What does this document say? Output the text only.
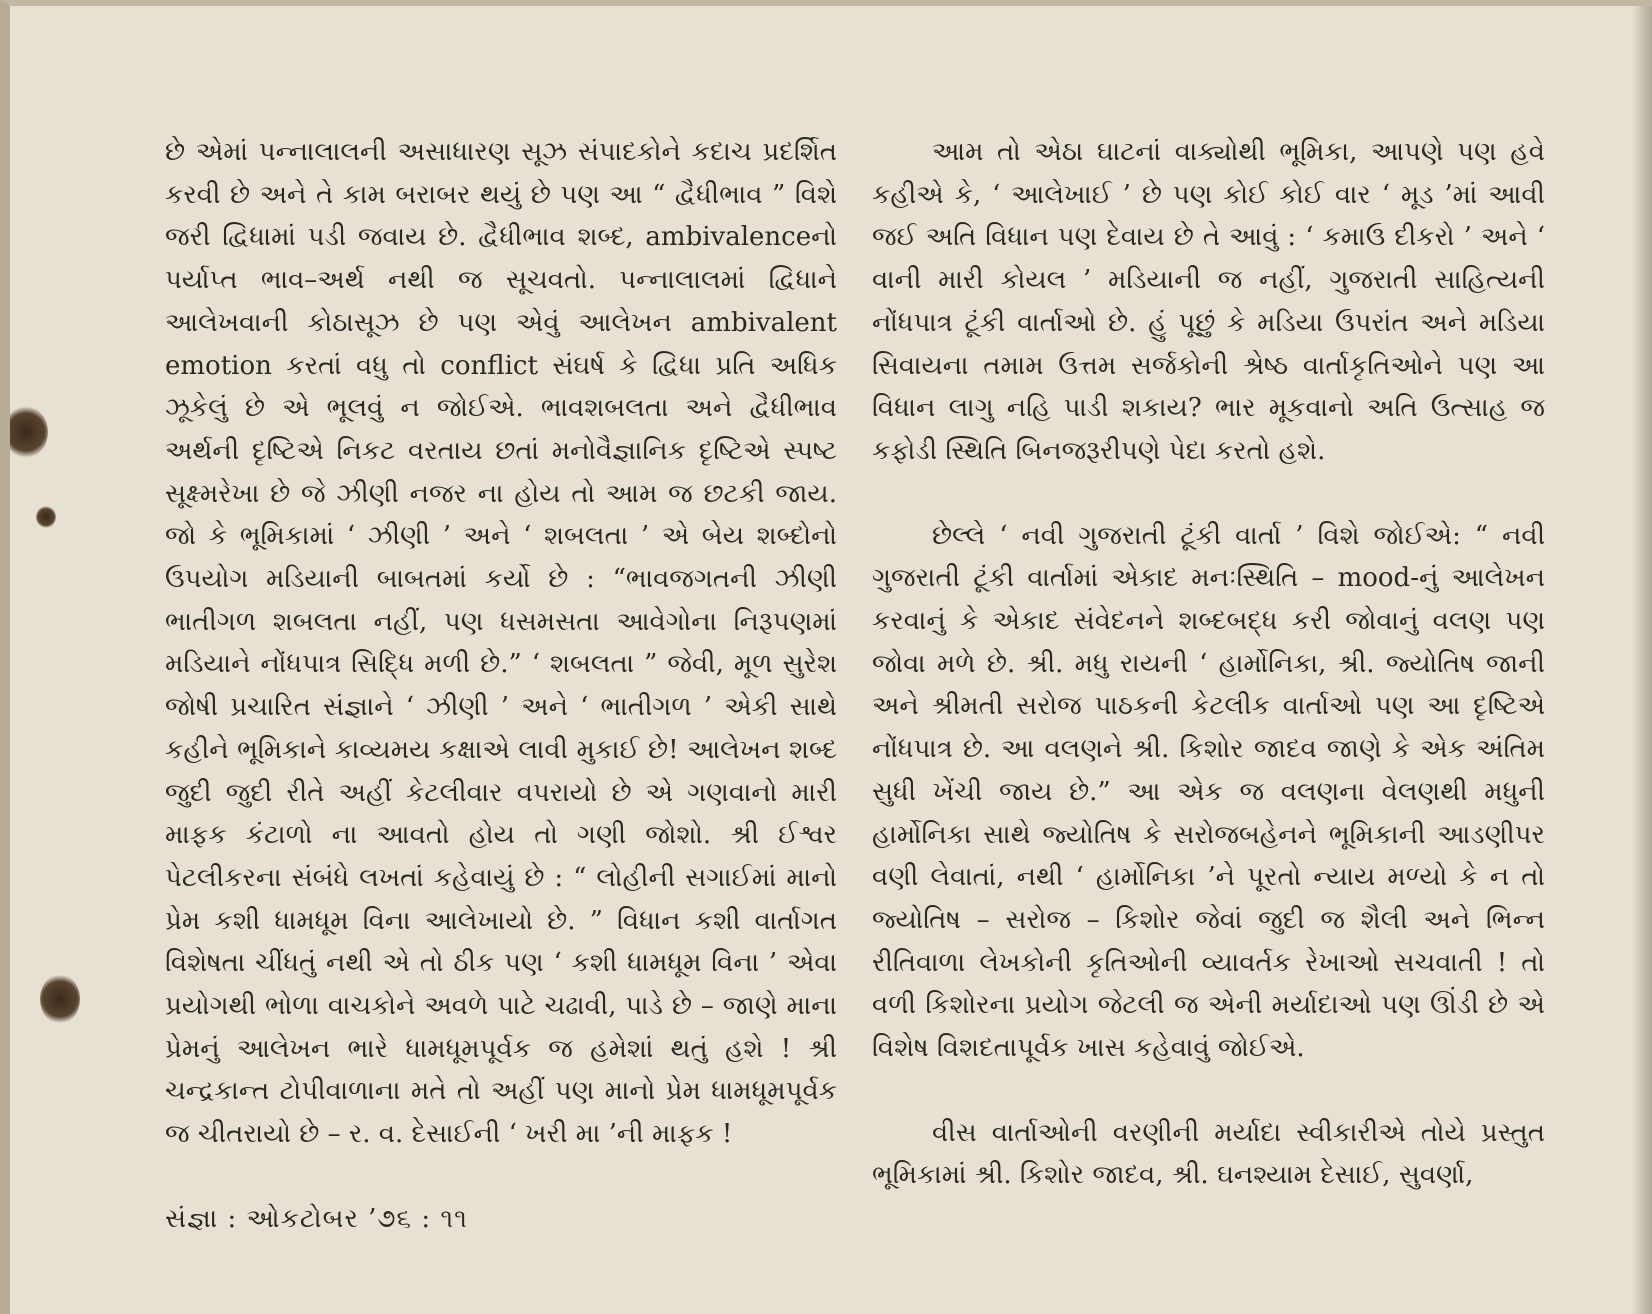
છે એમાં પન્નાલાલની અસાધારણ સૂઝ સંપાદકોને કદાચ પ્રદર્શિત કરવી છે અને તે કામ બરાબર થયું છે પણ આ “ દ્વૈધીભાવ ” વિશે જરી દ્વિધામાં પડી જવાય છે. દ્વૈધીભાવ શબ્દ, ambivalenceનો પર્યાપ્ત ભાવ–અર્થ નથી જ સૂચવતો. પન્નાલાલમાં દ્વિધાને આલેખવાની કોઠાસૂઝ છે પણ એવું આલેખન ambivalent emotion કરતાં વધુ તો conflict સંઘર્ષ કે દ્વિધા પ્રતિ અધિક ઝૂકેલું છે એ ભૂલવું ન જોઈએ. ભાવશબલતા અને દ્વૈધીભાવ અર્થની દૃષ્ટિએ નિકટ વરતાય છતાં મનોવૈજ્ઞાનિક દૃષ્ટિએ સ્પષ્ટ સૂક્ષ્મરેખા છે જે ઝીણી નજર ના હોય તો આમ જ છટકી જાય. જો કે ભૂમિકામાં ‘ ઝીણી ’ અને ‘ શબલતા ’ એ બેય શબ્દોનો ઉપયોગ મડિયાની બાબતમાં કર્યો છે : “ભાવજગતની ઝીણી ભાતીગળ શબલતા નહીં, પણ ધસમસતા આવેગોના નિરૂપણમાં મડિયાને નોંધપાત્ર સિદ્ધિ મળી છે.” ‘ શબલતા ” જેવી, મૂળ સુરેશ જોષી પ્રચારિત સંજ્ઞાને ‘ ઝીણી ’ અને ‘ ભાતીગળ ’ એકી સાથે કહીને ભૂમિકાને કાવ્યમય કક્ષાએ લાવી મુકાઈ છે! આલેખન શબ્દ જુદી જુદી રીતે અહીં કેટલીવાર વપરાયો છે એ ગણવાનો મારી માફક કંટાળો ના આવતો હોય તો ગણી જોશો. શ્રી ઈશ્વર પેટલીકરના સંબંધે લખતાં કહેવાયું છે : “ લોહીની સગાઈમાં માનો પ્રેમ કશી ધામધૂમ વિના આલેખાયો છે. ” વિધાન કશી વાર્તાગત વિશેષતા ચીંધતું નથી એ તો ઠીક પણ ‘ કશી ધામધૂમ વિના ’ એવા પ્રયોગથી ભોળા વાચકોને અવળે પાટે ચઢાવી, પાડે છે – જાણે માના પ્રેમનું આલેખન ભારે ધામધૂમપૂર્વક જ હમેશાં થતું હશે ! શ્રી ચન્દ્રકાન્ત ટોપીવાળાના મતે તો અહીં પણ માનો પ્રેમ ધામધૂમપૂર્વક જ ચીતરાયો છે – ર. વ. દેસાઈની ‘ ખરી મા ’ની માફક !

આમ તો એઠા ઘાટનાં વાક્યોથી ભૂમિકા, આપણે પણ હવે કહીએ કે, ‘ આલેખાઈ ’ છે પણ કોઈ કોઈ વાર ‘ મૂડ ’માં આવી જઈ અતિ વિધાન પણ દેવાય છે તે આવું : ‘ કમાઉ દીકરો ’ અને ‘ વાની મારી કોયલ ’ મડિયાની જ નહીં, ગુજરાતી સાહિત્યની નોંધપાત્ર ટૂંકી વાર્તાઓ છે. હું પૂછું કે મડિયા ઉપરાંત અને મડિયા સિવાયના તમામ ઉત્તમ સર્જકોની શ્રેષ્ઠ વાર્તાકૃતિઓને પણ આ વિધાન લાગુ નહિ પાડી શકાય? ભાર મૂકવાનો અતિ ઉત્સાહ જ કફોડી સ્થિતિ બિનજરૂરીપણે પેદા કરતો હશે.

છેલ્લે ‘ નવી ગુજરાતી ટૂંકી વાર્તા ’ વિશે જોઈએ: “ નવી ગુજરાતી ટૂંકી વાર્તામાં એકાદ મનઃસ્થિતિ – mood-નું આલેખન કરવાનું કે એકાદ સંવેદનને શબ્દબદ્ધ કરી જોવાનું વલણ પણ જોવા મળે છે. શ્રી. મધુ રાયની ‘ હાર્મોનિકા, શ્રી. જ્યોતિષ જાની અને શ્રીમતી સરોજ પાઠકની કેટલીક વાર્તાઓ પણ આ દૃષ્ટિએ નોંધપાત્ર છે. આ વલણને શ્રી. કિશોર જાદવ જાણે કે એક અંતિમ સુધી ખેંચી જાય છે.” આ એક જ વલણના વેલણથી મધુની હાર્મોનિકા સાથે જ્યોતિષ કે સરોજબહેનને ભૂમિકાની આડણીપર વણી લેવાતાં, નથી ‘ હાર્મોનિકા ’ને પૂરતો ન્યાય મળ્યો કે ન તો જ્યોતિષ – સરોજ – કિશોર જેવાં જુદી જ શૈલી અને ભિન્ન રીતિવાળા લેખકોની કૃતિઓની વ્યાવર્તક રેખાઓ સચવાતી ! તો વળી કિશોરના પ્રયોગ જેટલી જ એની મર્યાદાઓ પણ ઊંડી છે એ વિશેષ વિશદતાપૂર્વક ખાસ કહેવાવું જોઈએ.

વીસ વાર્તાઓની વરણીની મર્યાદા સ્વીકારીએ તોયે પ્રસ્તુત ભૂમિકામાં શ્રી. કિશોર જાદવ, શ્રી. ઘનશ્યામ દેસાઈ, સુવર્ણા,

સંજ્ઞા : ઓકટોબર ’૭૬ : ૧૧
